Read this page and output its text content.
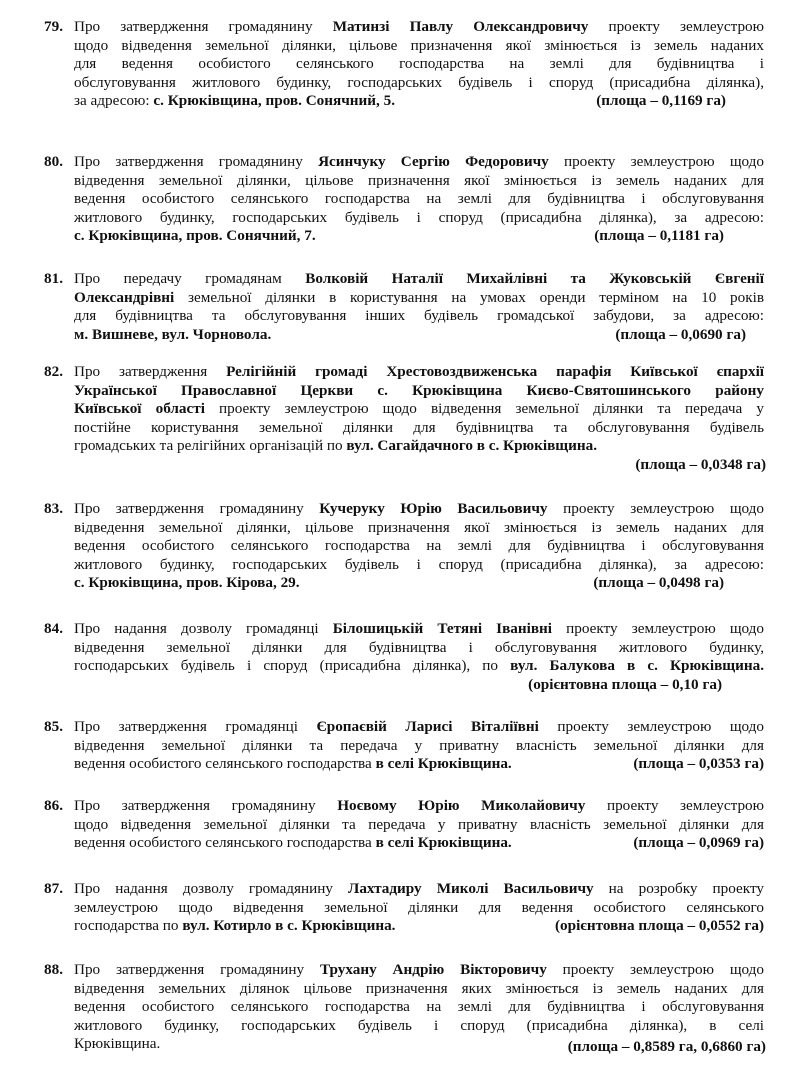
79. Про затвердження громадянину Матинзі Павлу Олександровичу проекту землеустрою
щодо відведення земельної ділянки, цільове призначення якої змінюється із земель наданих
для ведення особистого селянського господарства на землі для будівництва і
обслуговування житлового будинку, господарських будівель і споруд (присадибна ділянка),
за адресою: с. Крюківщина, пров. Сонячний, 5.	(площа – 0,1169 га)
80. Про затвердження громадянину Ясинчуку Сергію Федоровичу проекту землеустрою щодо
відведення земельної ділянки, цільове призначення якої змінюється із земель наданих для
ведення особистого селянського господарства на землі для будівництва і обслуговування
житлового будинку, господарських будівель і споруд (присадибна ділянка), за адресою:
с. Крюківщина, пров. Сонячний, 7.	(площа – 0,1181 га)
81. Про передачу громадянам Волковій Наталії Михайлівні та Жуковській Євгенії
Олександрівні земельної ділянки в користування на умовах оренди терміном на 10 років
для будівництва та обслуговування інших будівель громадської забудови, за адресою:
м. Вишневе, вул. Чорновола.	(площа – 0,0690 га)
82. Про затвердження Релігійній громаді Хрестовоздвиженська парафія Київської єпархії
Української Православної Церкви с. Крюківщина Києво-Святошинського району
Київської області проекту землеустрою щодо відведення земельної ділянки та передача у
постійне користування земельної ділянки для будівництва та обслуговування будівель
громадських та релігійних організацій по вул. Сагайдачного в с. Крюківщина.
(площа – 0,0348 га)
83. Про затвердження громадянину Кучеруку Юрію Васильовичу проекту землеустрою щодо
відведення земельної ділянки, цільове призначення якої змінюється із земель наданих для
ведення особистого селянського господарства на землі для будівництва і обслуговування
житлового будинку, господарських будівель і споруд (присадибна ділянка), за адресою:
с. Крюківщина, пров. Кірова, 29.	(площа – 0,0498 га)
84. Про надання дозволу громадянці Білошицькій Тетяні Іванівні проекту землеустрою щодо
відведення земельної ділянки для будівництва і обслуговування житлового будинку,
господарських будівель і споруд (присадибна ділянка), по вул. Балукова в с. Крюківщина.
(орієнтовна площа – 0,10 га)
85. Про затвердження громадянці Єропаєвій Ларисі Віталіївні проекту землеустрою щодо
відведення земельної ділянки та передача у приватну власність земельної ділянки для
ведення особистого селянського господарства в селі Крюківщина.	(площа – 0,0353 га)
86. Про затвердження громадянину Ноєвому Юрію Миколайовичу проекту землеустрою
щодо відведення земельної ділянки та передача у приватну власність земельної ділянки для
ведення особистого селянського господарства в селі Крюківщина.	(площа – 0,0969 га)
87. Про надання дозволу громадянину Лахтадиру Миколі Васильовичу на розробку проекту
землеустрою щодо відведення земельної ділянки для ведення особистого селянського
господарства по вул. Котирло в с. Крюківщина.	(орієнтовна площа – 0,0552 га)
88. Про затвердження громадянину Трухану Андрію Вікторовичу проекту землеустрою щодо
відведення земельних ділянок цільове призначення яких змінюється із земель наданих для
ведення особистого селянського господарства на землі для будівництва і обслуговування
житлового будинку, господарських будівель і споруд (присадибна ділянка), в селі
Крюківщина.	(площа – 0,8589 га, 0,6860 га)
